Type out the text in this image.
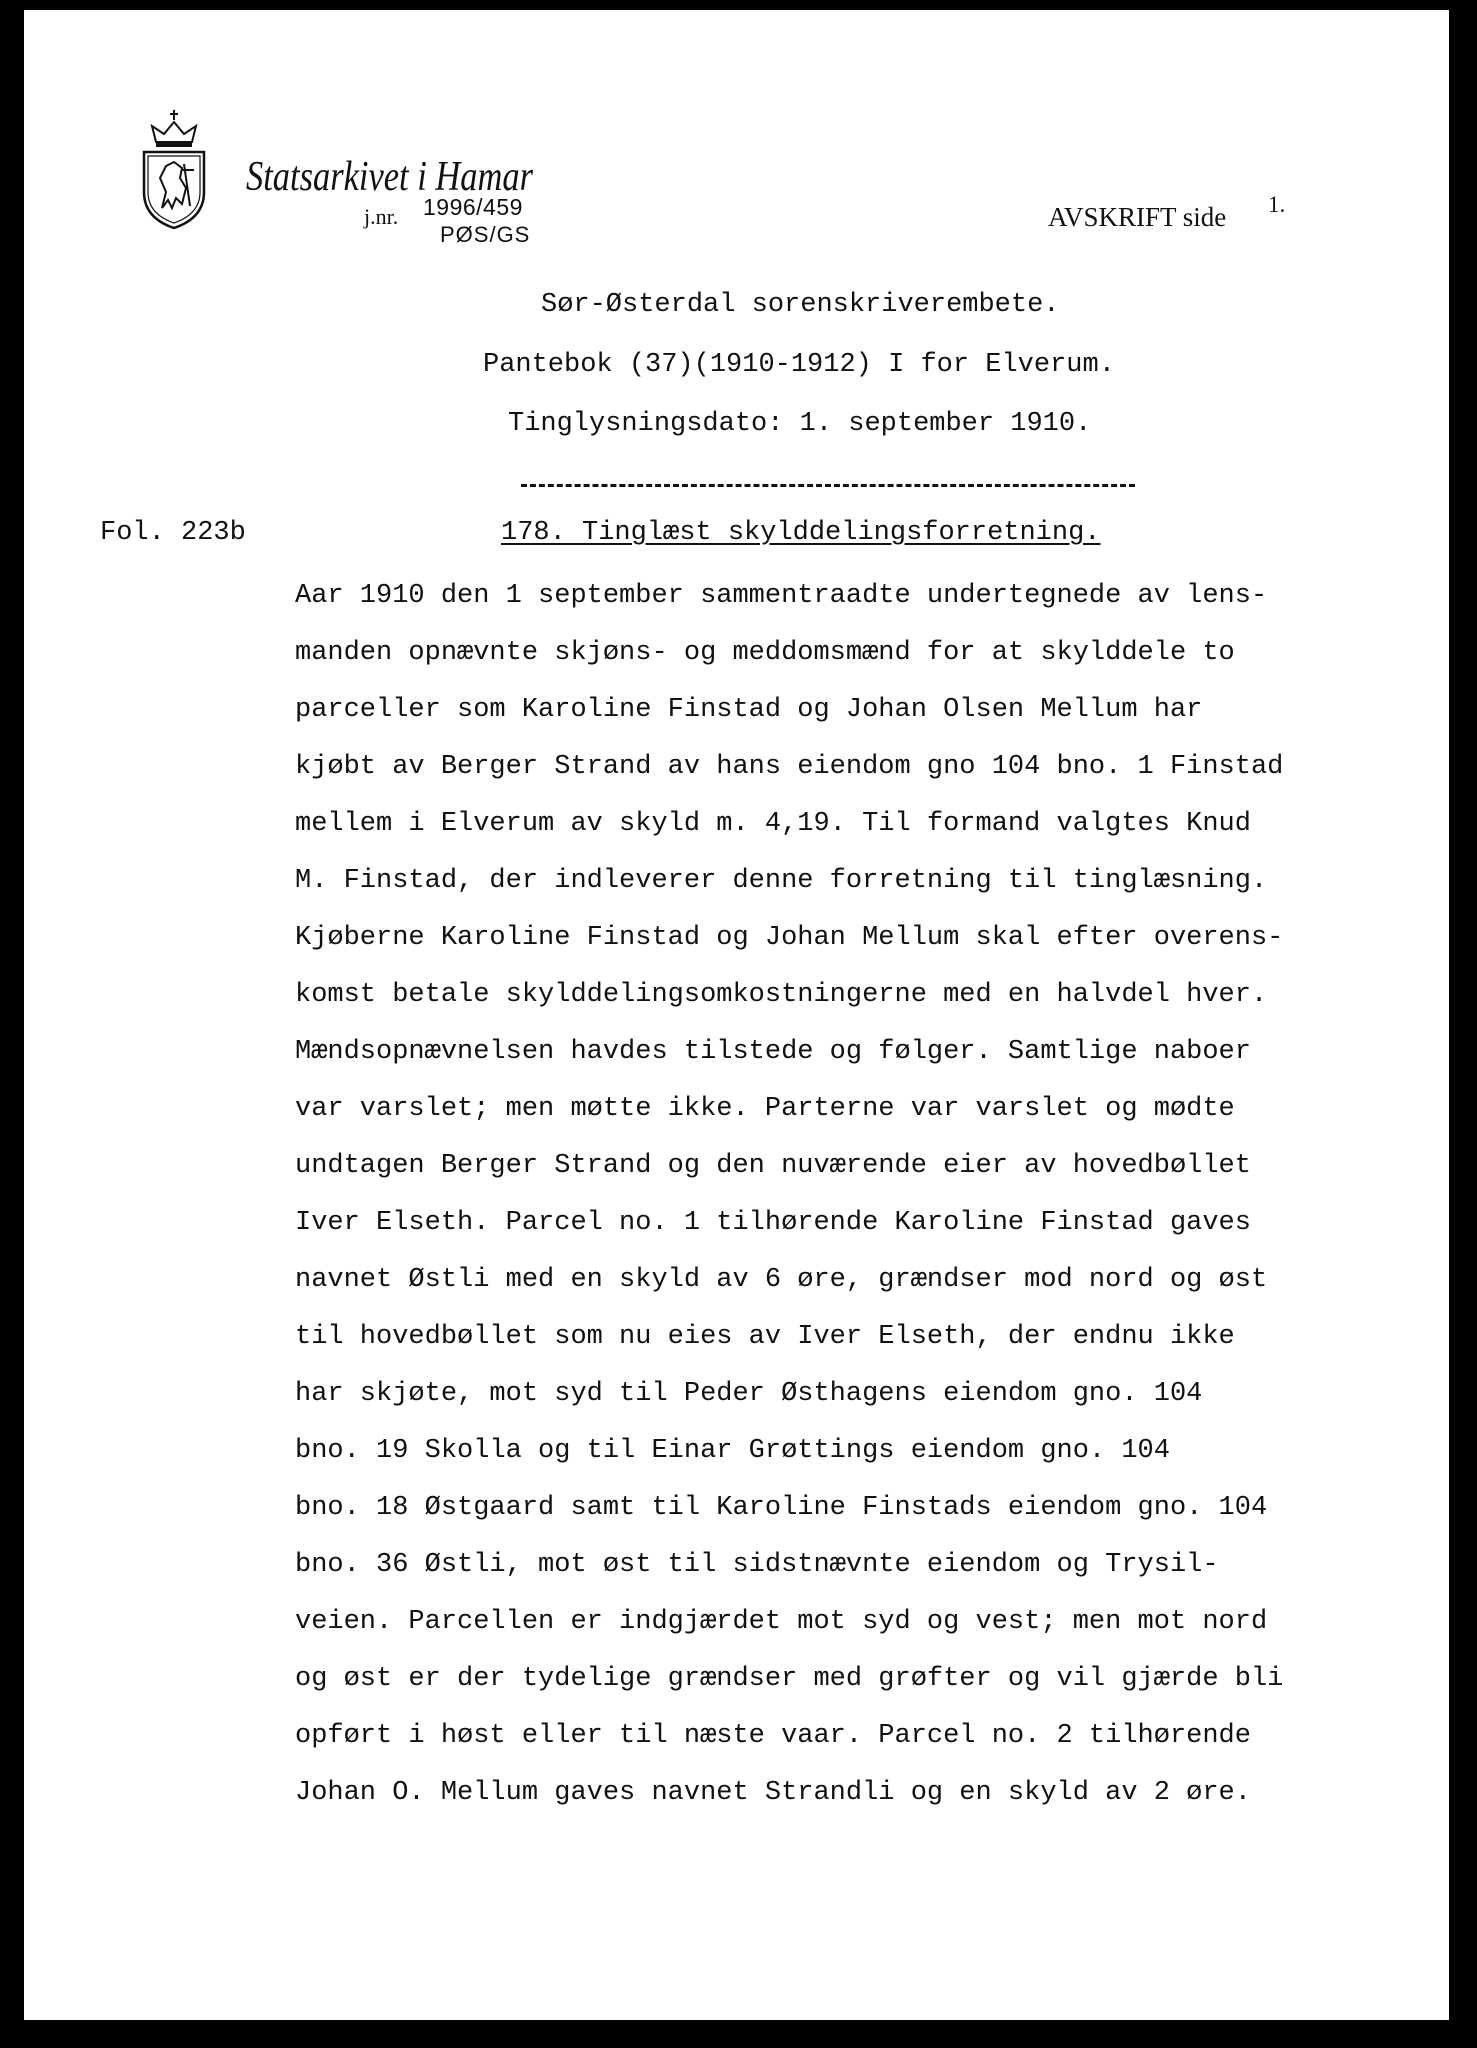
Statsarkivet i Hamar
j.nr. 1996/459
PØS/GS
AVSKRIFT side 1.
Sør-Østerdal sorenskriverembete.
Pantebok (37)(1910-1912) I for Elverum.
Tinglysningsdato: 1. september 1910.
Fol. 223b	178. Tinglæst skylddelingsforretning.
Aar 1910 den 1 september sammentraadte undertegnede av lens-
manden opnævnte skjøns- og meddomsmænd for at skylddele to
parceller som Karoline Finstad og Johan Olsen Mellum har
kjøbt av Berger Strand av hans eiendom gno 104 bno. 1 Finstad
mellem i Elverum av skyld m. 4,19. Til formand valgtes Knud
M. Finstad, der indleverer denne forretning til tinglæsning.
Kjøberne Karoline Finstad og Johan Mellum skal efter overens-
komst betale skylddelingsomkostningerne med en halvdel hver.
Mændsopnævnelsen havdes tilstede og følger. Samtlige naboer
var varslet; men møtte ikke. Parterne var varslet og mødte
undtagen Berger Strand og den nuværende eier av hovedbøllet
Iver Elseth. Parcel no. 1 tilhørende Karoline Finstad gaves
navnet Østli med en skyld av 6 øre, grændser mod nord og øst
til hovedbøllet som nu eies av Iver Elseth, der endnu ikke
har skjøte, mot syd til Peder Østhagens eiendom gno. 104
bno. 19 Skolla og til Einar Grøttings eiendom gno. 104
bno. 18 Østgaard samt til Karoline Finstads eiendom gno. 104
bno. 36 Østli, mot øst til sidstnævnte eiendom og Trysil-
veien. Parcellen er indgjærdet mot syd og vest; men mot nord
og øst er der tydelige grændser med grøfter og vil gjærde bli
opført i høst eller til næste vaar. Parcel no. 2 tilhørende
Johan O. Mellum gaves navnet Strandli og en skyld av 2 øre.
